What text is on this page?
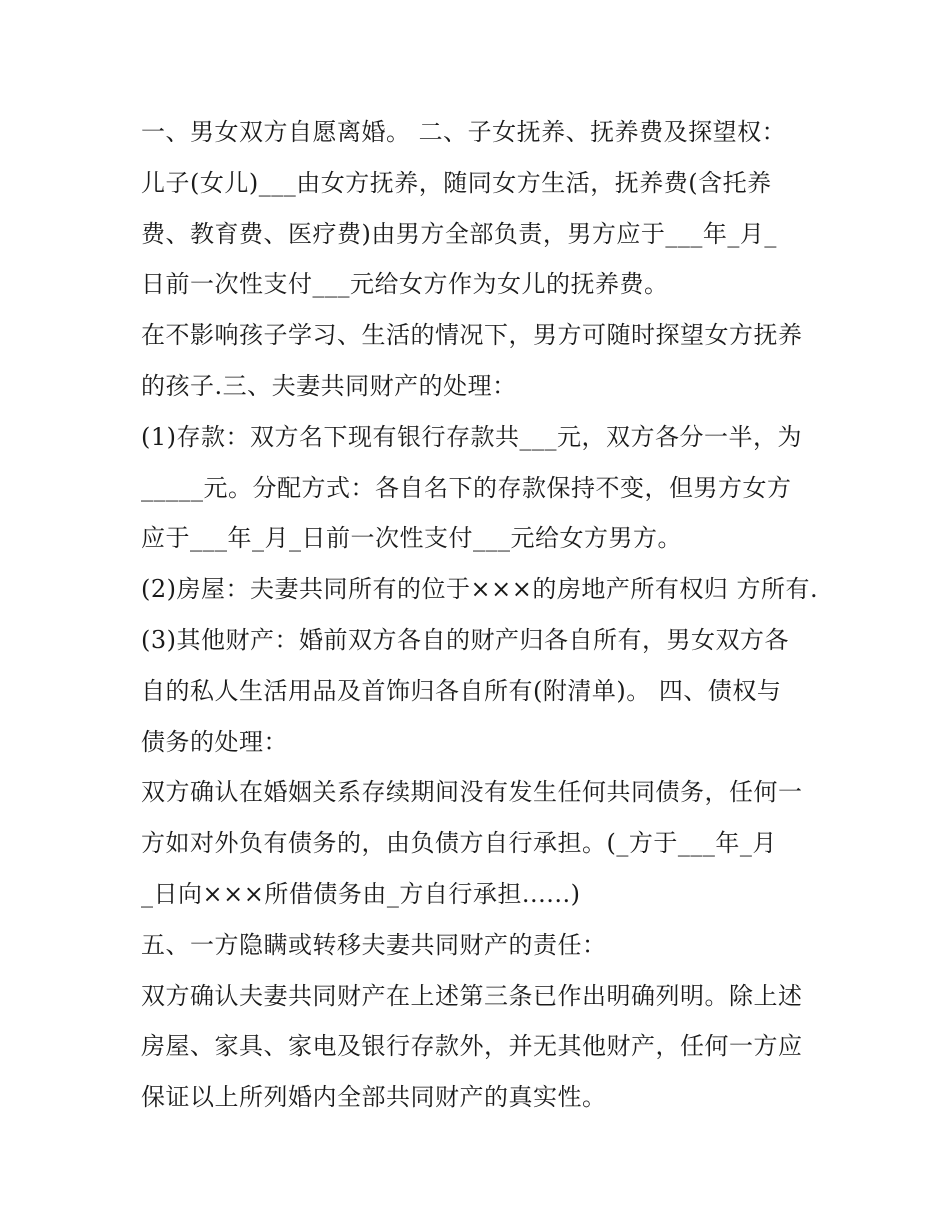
一、男女双方自愿离婚。 二、子女抚养、抚养费及探望权：
儿子(女儿)___由女方抚养，随同女方生活，抚养费(含托养
费、教育费、医疗费)由男方全部负责，男方应于___年_月_
日前一次性支付___元给女方作为女儿的抚养费。
在不影响孩子学习、生活的情况下，男方可随时探望女方抚养
的孩子.三、夫妻共同财产的处理：
(1)存款：双方名下现有银行存款共___元，双方各分一半，为
_____元。分配方式：各自名下的存款保持不变，但男方女方
应于___年_月_日前一次性支付___元给女方男方。
(2)房屋：夫妻共同所有的位于×××的房地产所有权归 方所有.
(3)其他财产：婚前双方各自的财产归各自所有，男女双方各
自的私人生活用品及首饰归各自所有(附清单)。 四、债权与
债务的处理：
双方确认在婚姻关系存续期间没有发生任何共同债务，任何一
方如对外负有债务的，由负债方自行承担。(_方于___年_月
_日向×××所借债务由_方自行承担......)
五、一方隐瞒或转移夫妻共同财产的责任：
双方确认夫妻共同财产在上述第三条已作出明确列明。除上述
房屋、家具、家电及银行存款外，并无其他财产，任何一方应
保证以上所列婚内全部共同财产的真实性。
